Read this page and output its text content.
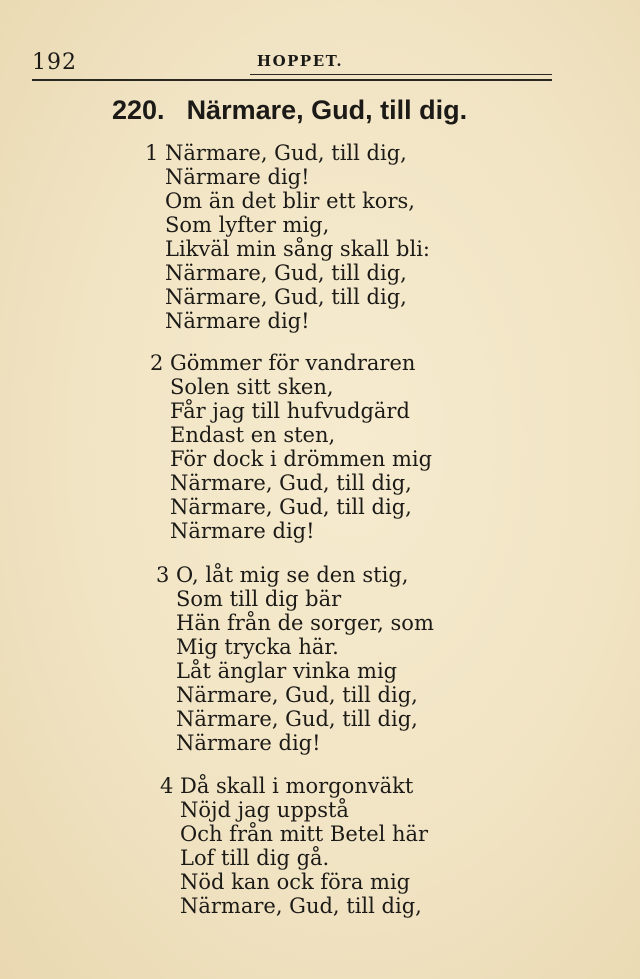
192	HOPPET.
220. Närmare, Gud, till dig.
1 Närmare, Gud, till dig,
Närmare dig!
Om än det blir ett kors,
Som lyfter mig,
Likväl min sång skall bli:
Närmare, Gud, till dig,
Närmare, Gud, till dig,
Närmare dig!
2 Gömmer för vandraren
Solen sitt sken,
Får jag till hufvudgärd
Endast en sten,
För dock i drömmen mig
Närmare, Gud, till dig,
Närmare, Gud, till dig,
Närmare dig!
3 O, låt mig se den stig,
Som till dig bär
Hän från de sorger, som
Mig trycka här.
Låt änglar vinka mig
Närmare, Gud, till dig,
Närmare, Gud, till dig,
Närmare dig!
4 Då skall i morgonväkt
Nöjd jag uppstå
Och från mitt Betel här
Lof till dig gå.
Nöd kan ock föra mig
Närmare, Gud, till dig,
